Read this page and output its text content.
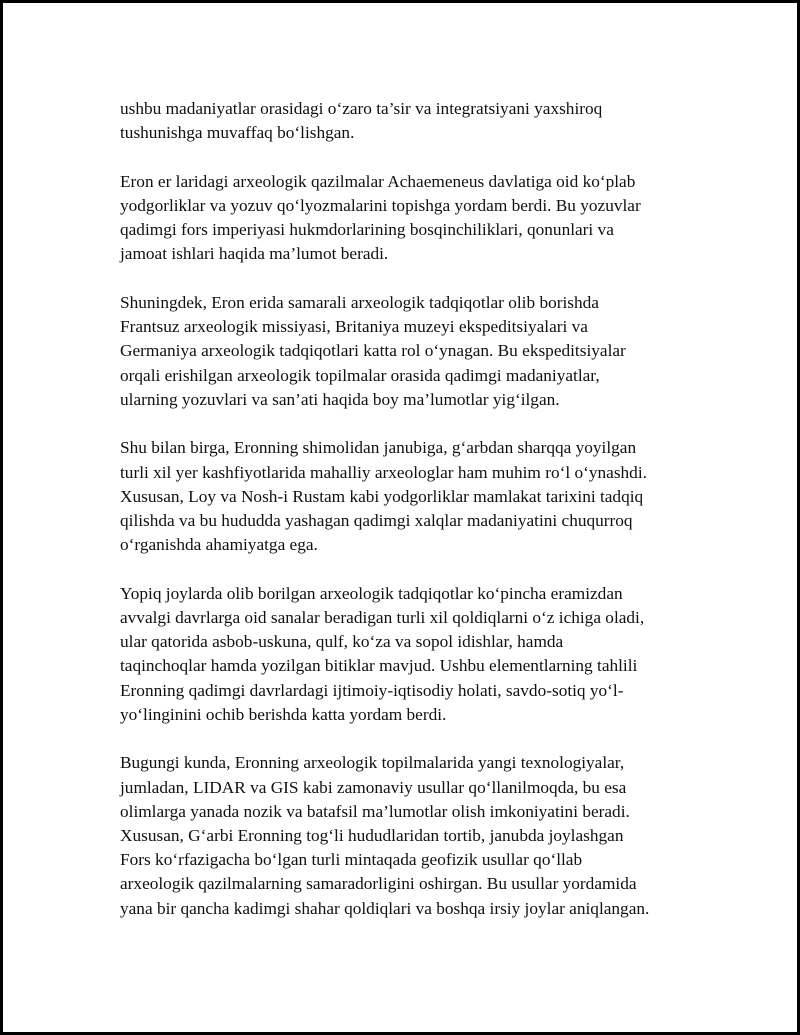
ushbu madaniyatlar orasidagi o‘zaro ta’sir va integratsiyani yaxshiroq
tushunishga muvaffaq bo‘lishgan.

Eron er laridagi arxeologik qazilmalar Achaemeneus davlatiga oid ko‘plab
yodgorliklar va yozuv qo‘lyozmalarini topishga yordam berdi. Bu yozuvlar
qadimgi fors imperiyasi hukmdorlarining bosqinchiliklari, qonunlari va
jamoat ishlari haqida ma’lumot beradi.

Shuningdek, Eron erida samarali arxeologik tadqiqotlar olib borishda
Frantsuz arxeologik missiyasi, Britaniya muzeyi ekspeditsiyalari va
Germaniya arxeologik tadqiqotlari katta rol o‘ynagan. Bu ekspeditsiyalar
orqali erishilgan arxeologik topilmalar orasida qadimgi madaniyatlar,
ularning yozuvlari va san’ati haqida boy ma’lumotlar yig‘ilgan.

Shu bilan birga, Eronning shimolidan janubiga, g‘arbdan sharqqa yoyilgan
turli xil yer kashfiyotlarida mahalliy arxeologlar ham muhim ro‘l o‘ynashdi.
Xususan, Loy va Nosh-i Rustam kabi yodgorliklar mamlakat tarixini tadqiq
qilishda va bu hududda yashagan qadimgi xalqlar madaniyatini chuqurroq
o‘rganishda ahamiyatga ega.

Yopiq joylarda olib borilgan arxeologik tadqiqotlar ko‘pincha eramizdan
avvalgi davrlarga oid sanalar beradigan turli xil qoldiqlarni o‘z ichiga oladi,
ular qatorida asbob-uskuna, qulf, ko‘za va sopol idishlar, hamda
taqinchoqlar hamda yozilgan bitiklar mavjud. Ushbu elementlarning tahlili
Eronning qadimgi davrlardagi ijtimoiy-iqtisodiy holati, savdo-sotiq yo‘l-
yo‘linginini ochib berishda katta yordam berdi.

Bugungi kunda, Eronning arxeologik topilmalarida yangi texnologiyalar,
jumladan, LIDAR va GIS kabi zamonaviy usullar qo‘llanilmoqda, bu esa
olimlarga yanada nozik va batafsil ma’lumotlar olish imkoniyatini beradi.
Xususan, G‘arbi Eronning tog‘li hududlaridan tortib, janubda joylashgan
Fors ko‘rfazigacha bo‘lgan turli mintaqada geofizik usullar qo‘llab
arxeologik qazilmalarning samaradorligini oshirgan. Bu usullar yordamida
yana bir qancha kadimgi shahar qoldiqlari va boshqa irsiy joylar aniqlangan.
